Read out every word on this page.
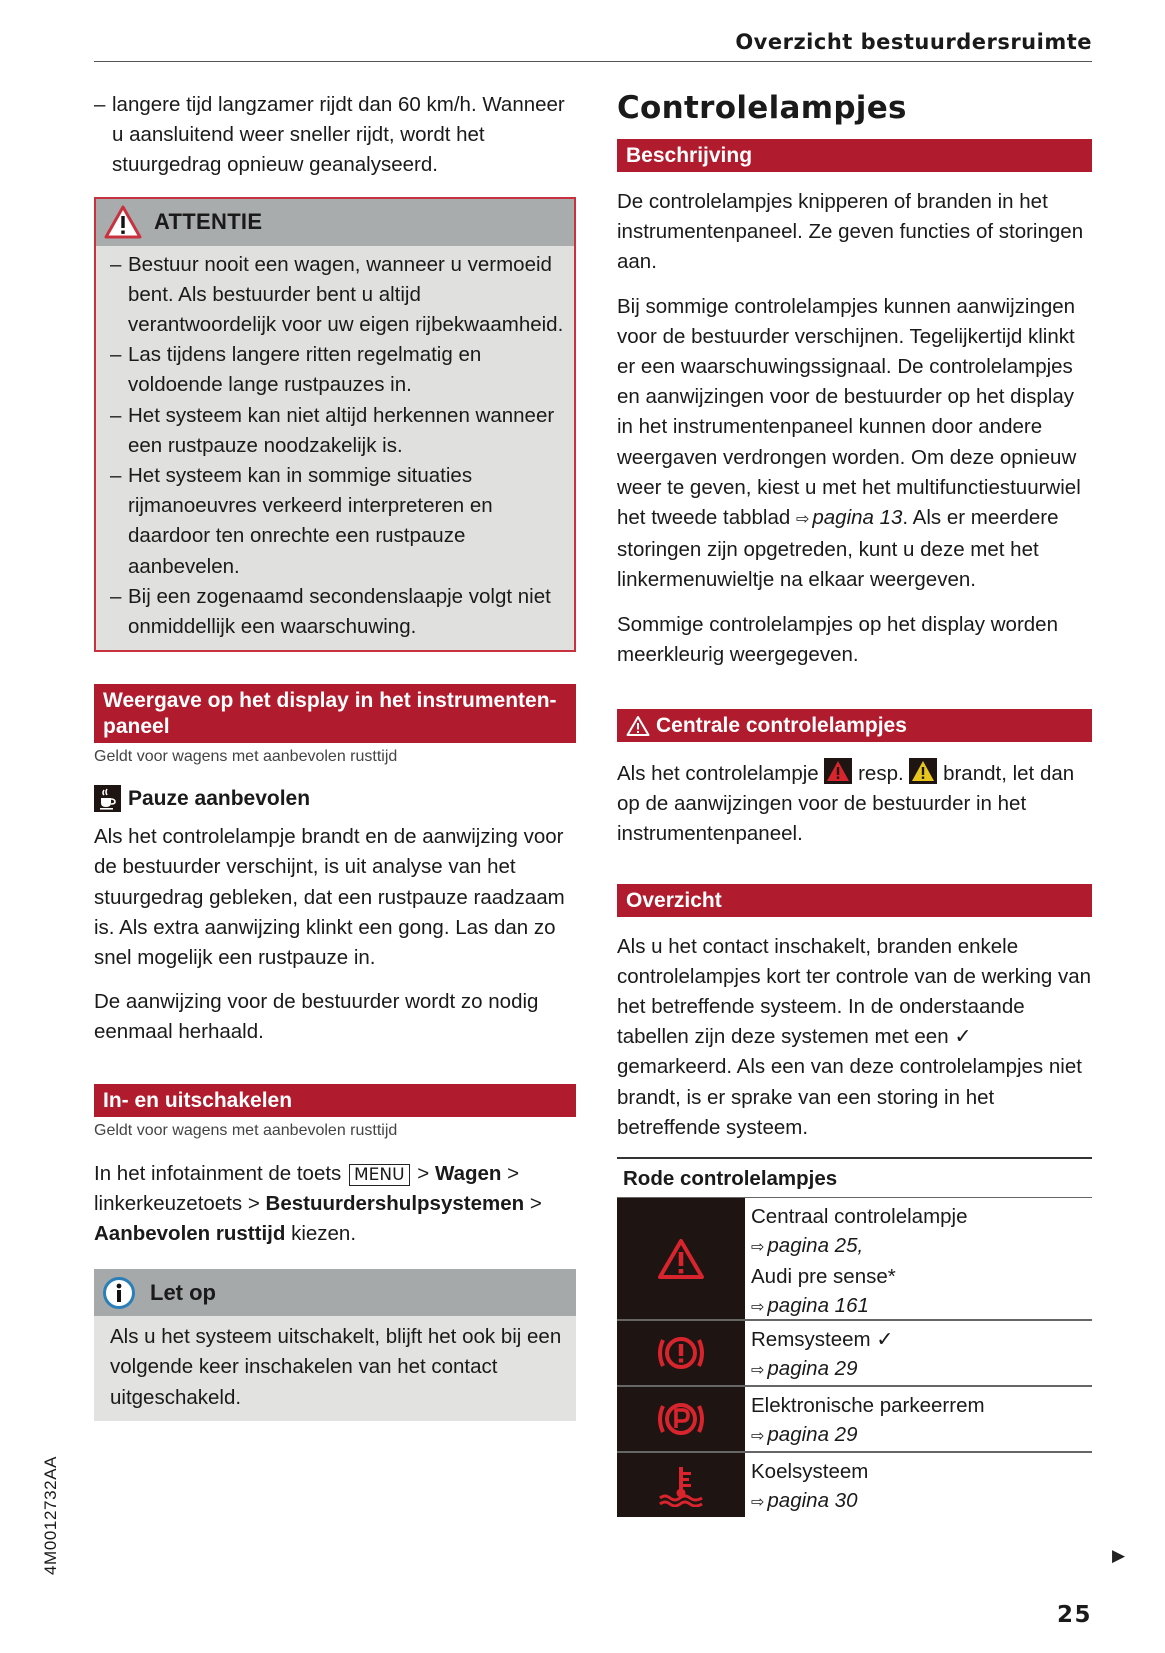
Overzicht bestuurdersruimte
– langere tijd langzamer rijdt dan 60 km/h. Wanneer u aansluitend weer sneller rijdt, wordt het stuurgedrag opnieuw geanalyseerd.
ATTENTIE
– Bestuur nooit een wagen, wanneer u vermoeid bent. Als bestuurder bent u altijd verantwoordelijk voor uw eigen rijbekwaamheid.
– Las tijdens langere ritten regelmatig en voldoende lange rustpauzes in.
– Het systeem kan niet altijd herkennen wanneer een rustpauze noodzakelijk is.
– Het systeem kan in sommige situaties rijmanoeuvres verkeerd interpreteren en daardoor ten onrechte een rustpauze aanbevelen.
– Bij een zogenaamd secondenslaapje volgt niet onmiddellijk een waarschuwing.
Weergave op het display in het instrumentenpaneel
Geldt voor wagens met aanbevolen rusttijd
Pauze aanbevolen
Als het controlelampje brandt en de aanwijzing voor de bestuurder verschijnt, is uit analyse van het stuurgedrag gebleken, dat een rustpauze raadzaam is. Als extra aanwijzing klinkt een gong. Las dan zo snel mogelijk een rustpauze in.
De aanwijzing voor de bestuurder wordt zo nodig eenmaal herhaald.
In- en uitschakelen
Geldt voor wagens met aanbevolen rusttijd
In het infotainment de toets MENU > Wagen > linkerkeuzetoets > Bestuurdershulpsystemen > Aanbevolen rusttijd kiezen.
Let op
Als u het systeem uitschakelt, blijft het ook bij een volgende keer inschakelen van het contact uitgeschakeld.
Controlelampjes
Beschrijving
De controlelampjes knipperen of branden in het instrumentenpaneel. Ze geven functies of storingen aan.
Bij sommige controlelampjes kunnen aanwijzingen voor de bestuurder verschijnen. Tegelijkertijd klinkt er een waarschuwingssignaal. De controlelampjes en aanwijzingen voor de bestuurder op het display in het instrumentenpaneel kunnen door andere weergaven verdrongen worden. Om deze opnieuw weer te geven, kiest u met het multifunctiestuurwiel het tweede tabblad ⇨ pagina 13. Als er meerdere storingen zijn opgetreden, kunt u deze met het linkermenuwieltje na elkaar weergeven.
Sommige controlelampjes op het display worden meerkleurig weergegeven.
Centrale controlelampjes
Als het controlelampje resp. brandt, let dan op de aanwijzingen voor de bestuurder in het instrumentenpaneel.
Overzicht
Als u het contact inschakelt, branden enkele controlelampjes kort ter controle van de werking van het betreffende systeem. In de onderstaande tabellen zijn deze systemen met een ✓ gemarkeerd. Als een van deze controlelampjes niet brandt, is er sprake van een storing in het betreffende systeem.
Rode controlelampjes
Centraal controlelampje
⇨ pagina 25,
Audi pre sense*
⇨ pagina 161
Remsysteem ✓
⇨ pagina 29
Elektronische parkeerrem
⇨ pagina 29
Koelsysteem
⇨ pagina 30
▶
4M0012732AA
25
